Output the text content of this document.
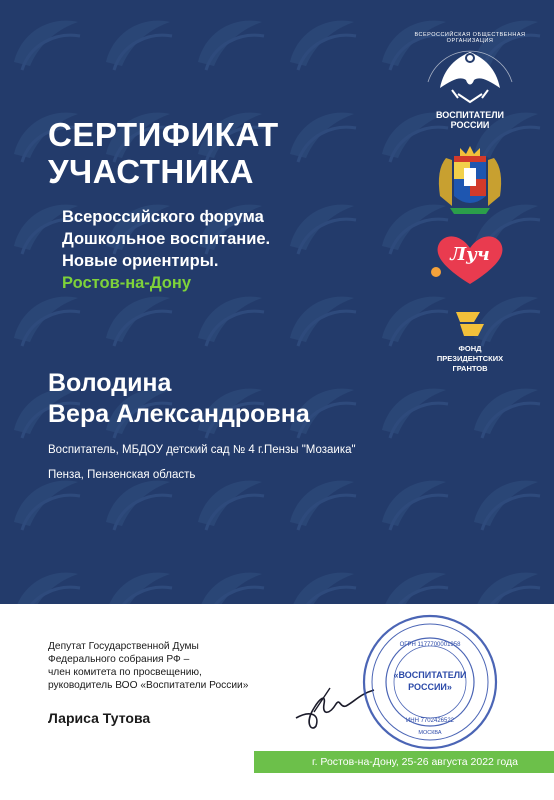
СЕРТИФИКАТ
УЧАСТНИКА
Всероссийского форума
Дошкольное воспитание.
Новые ориентиры.
Ростов-на-Дону
Володина
Вера Александровна
Воспитатель, МБДОУ детский сад № 4 г.Пензы "Мозаика"
Пенза, Пензенская область
ВСЕРОССИЙСКАЯ ОБЩЕСТВЕННАЯ ОРГАНИЗАЦИЯ
ВОСПИТАТЕЛИ
РОССИИ
Луч
ФОНД
ПРЕЗИДЕНТСКИХ
ГРАНТОВ
Депутат Государственной Думы
Федерального собрания РФ –
член комитета по просвещению,
руководитель ВОО «Воспитатели России»
Лариса Тутова
«ВОСПИТАТЕЛИ
РОССИИ»
ОГРН 1177700001958
ИНН 7702426522
МОСКВА
г. Ростов-на-Дону, 25-26 августа 2022 года
